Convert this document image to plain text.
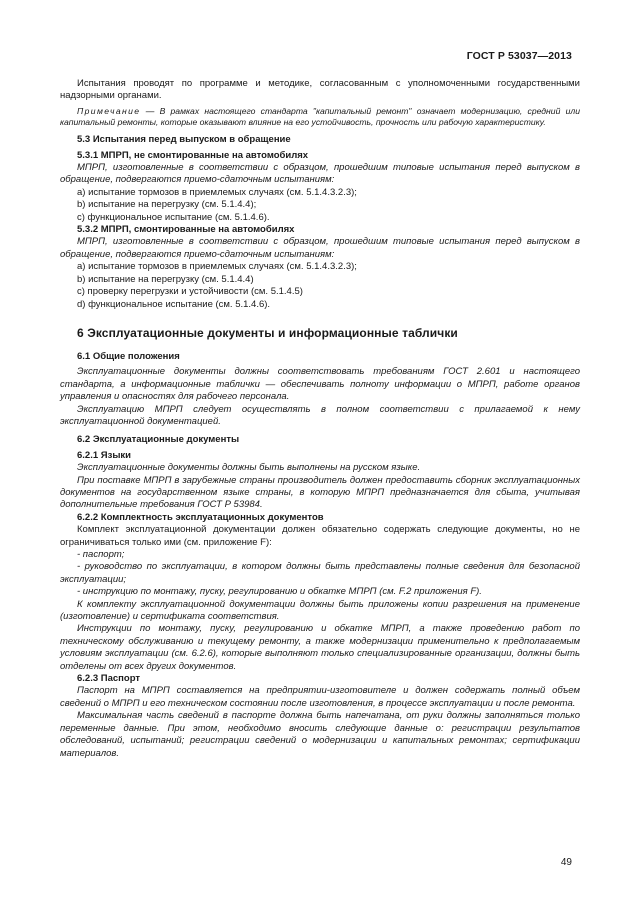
ГОСТ Р 53037—2013

Испытания проводят по программе и методике, согласованным с уполномоченными государственными надзорными органами.

Примечание — В рамках настоящего стандарта "капитальный ремонт" означает модернизацию, средний или капитальный ремонты, которые оказывают влияние на его устойчивость, прочность или рабочую характеристику.

5.3 Испытания перед выпуском в обращение
5.3.1 МПРП, не смонтированные на автомобилях

МПРП, изготовленные в соответствии с образцом, прошедшим типовые испытания перед выпуском в обращение, подвергаются приемо-сдаточным испытаниям:

a) испытание тормозов в приемлемых случаях (см. 5.1.4.3.2.3);
b) испытание на перегрузку (см. 5.1.4.4);
c) функциональное испытание (см. 5.1.4.6).
5.3.2 МПРП, смонтированные на автомобилях

МПРП, изготовленные в соответствии с образцом, прошедшим типовые испытания перед выпуском в обращение, подвергаются приемо-сдаточным испытаниям:

a) испытание тормозов в приемлемых случаях (см. 5.1.4.3.2.3);
b) испытание на перегрузку (см. 5.1.4.4)
c) проверку перегрузки и устойчивости (см. 5.1.4.5)
d) функциональное испытание (см. 5.1.4.6).
6 Эксплуатационные документы и информационные таблички
6.1 Общие положения

Эксплуатационные документы должны соответствовать требованиям ГОСТ 2.601 и настоящего стандарта, а информационные таблички — обеспечивать полноту информации о МПРП, работе органов управления и опасностях для рабочего персонала.

Эксплуатацию МПРП следует осуществлять в полном соответствии с прилагаемой к нему эксплуатационной документацией.

6.2 Эксплуатационные документы
6.2.1 Языки

Эксплуатационные документы должны быть выполнены на русском языке.

При поставке МПРП в зарубежные страны производитель должен предоставить сборник эксплуатационных документов на государственном языке страны, в которую МПРП предназначается для сбыта, учитывая дополнительные требования ГОСТ Р 53984.

6.2.2 Комплектность эксплуатационных документов

Комплект эксплуатационной документации должен обязательно содержать следующие документы, но не ограничиваться только ими (см. приложение F):

- паспорт;

- руководство по эксплуатации, в котором должны быть представлены полные сведения для безопасной эксплуатации;

- инструкцию по монтажу, пуску, регулированию и обкатке МПРП (см. F.2 приложения F).

К комплекту эксплуатационной документации должны быть приложены копии разрешения на применение (изготовление) и сертификата соответствия.

Инструкции по монтажу, пуску, регулированию и обкатке МПРП, а также проведению работ по техническому обслуживанию и текущему ремонту, а также модернизации применительно к предполагаемым условиям эксплуатации (см. 6.2.6), которые выполняют только специализированные организации, должны быть отделены от всех других документов.

6.2.3 Паспорт

Паспорт на МПРП составляется на предприятии-изготовителе и должен содержать полный объем сведений о МПРП и его техническом состоянии после изготовления, в процессе эксплуатации и после ремонта.

Максимальная часть сведений в паспорте должна быть напечатана, от руки должны заполняться только переменные данные. При этом, необходимо вносить следующие данные о: регистрации результатов обследований, испытаний; регистрации сведений о модернизации и капитальных ремонтах; сертификации материалов.

49
